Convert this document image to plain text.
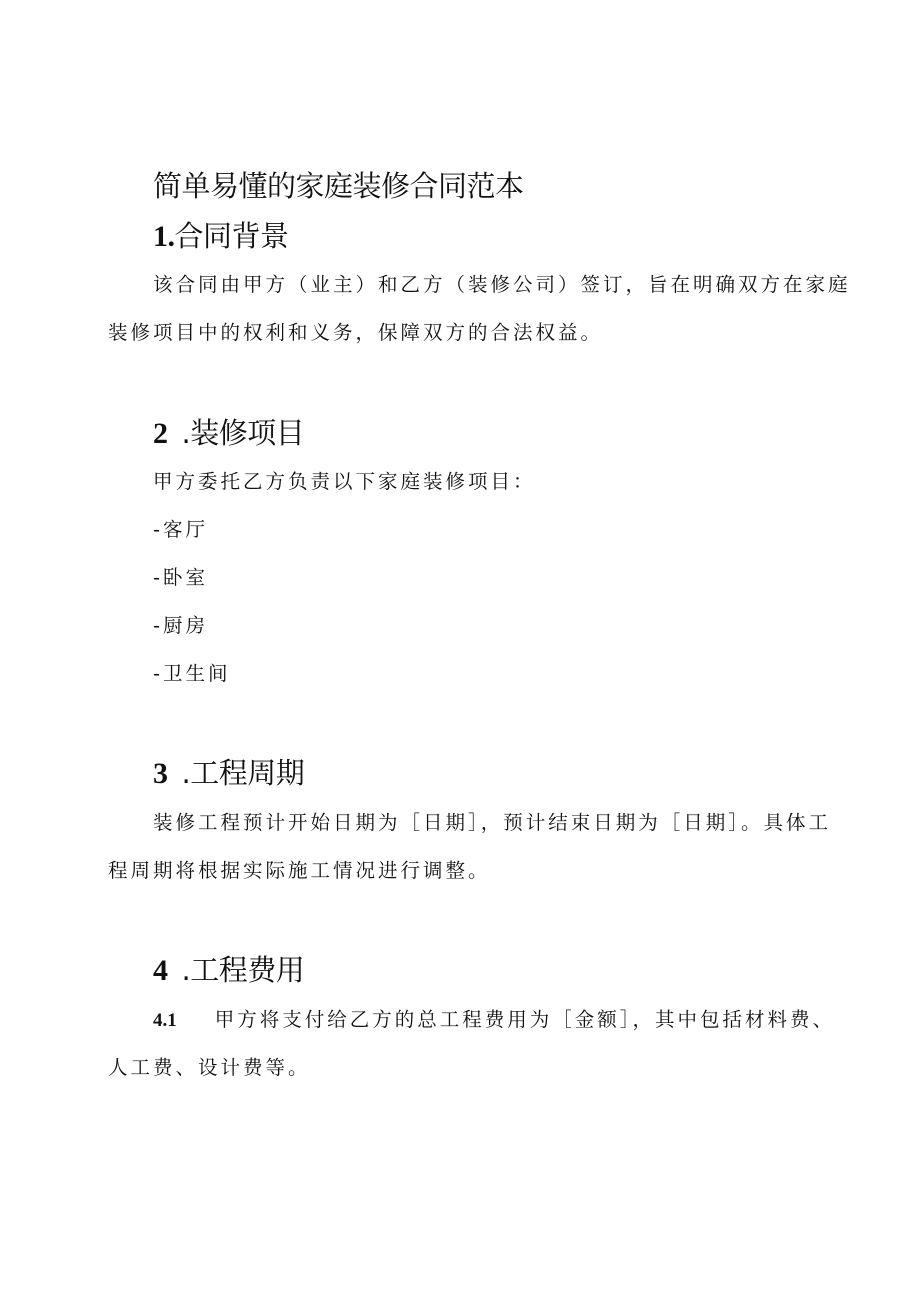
简单易懂的家庭装修合同范本
1.合同背景
该合同由甲方（业主）和乙方（装修公司）签订，旨在明确双方在家庭
装修项目中的权利和义务，保障双方的合法权益。
2 .装修项目
甲方委托乙方负责以下家庭装修项目：
-客厅
-卧室
-厨房
-卫生间
3 .工程周期
装修工程预计开始日期为［日期］，预计结束日期为［日期］。具体工
程周期将根据实际施工情况进行调整。
4 .工程费用
4.1 甲方将支付给乙方的总工程费用为［金额］，其中包括材料费、
人工费、设计费等。
